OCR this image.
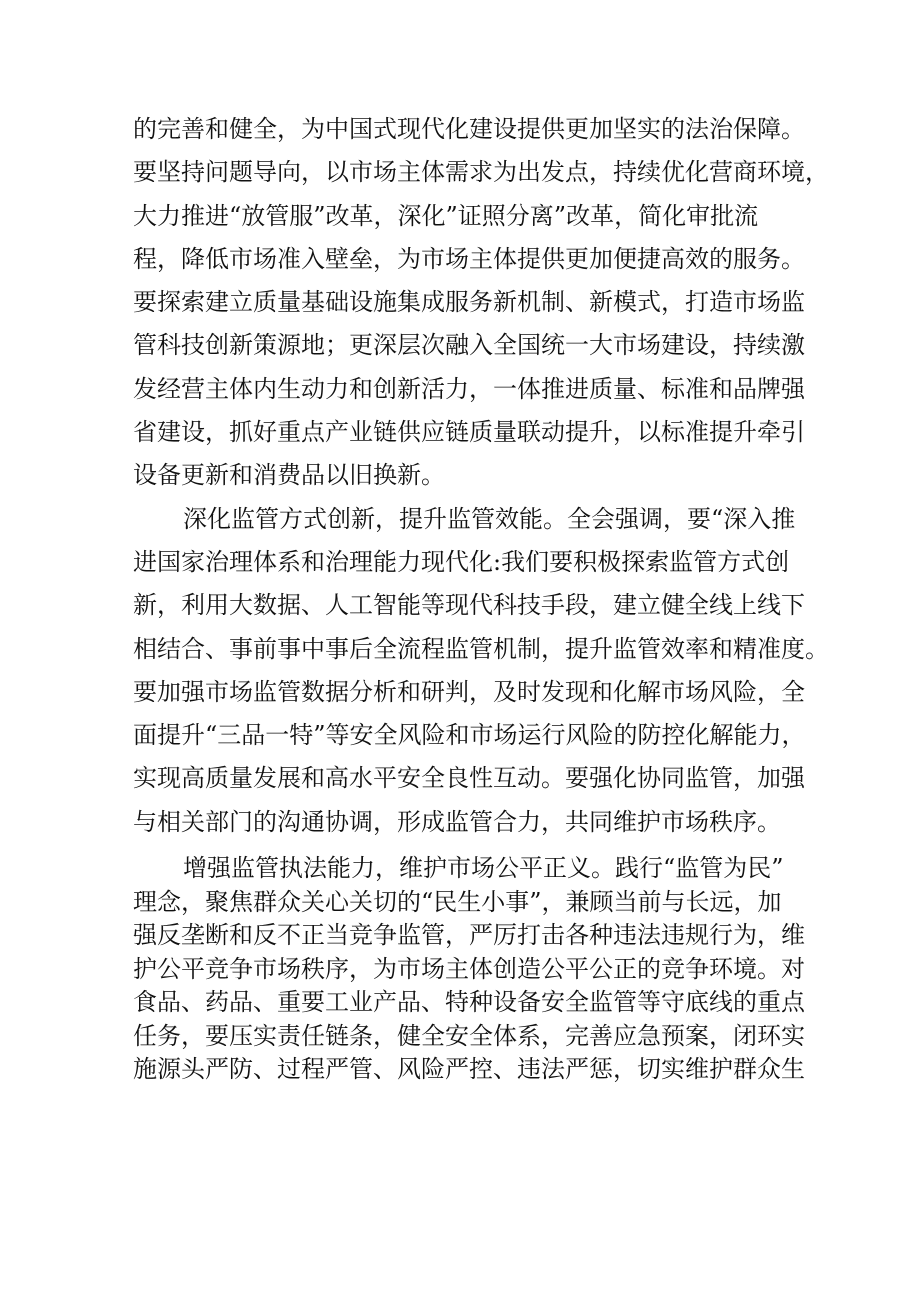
的完善和健全，为中国式现代化建设提供更加坚实的法治保障。
要坚持问题导向，以市场主体需求为出发点，持续优化营商环境，
大力推进“放管服”改革，深化”证照分离”改革，简化审批流
程，降低市场准入壁垒，为市场主体提供更加便捷高效的服务。
要探索建立质量基础设施集成服务新机制、新模式，打造市场监
管科技创新策源地；更深层次融入全国统一大市场建设，持续激
发经营主体内生动力和创新活力，一体推进质量、标准和品牌强
省建设，抓好重点产业链供应链质量联动提升，以标准提升牵引
设备更新和消费品以旧换新。
深化监管方式创新，提升监管效能。全会强调，要“深入推
进国家治理体系和治理能力现代化:我们要积极探索监管方式创
新，利用大数据、人工智能等现代科技手段，建立健全线上线下
相结合、事前事中事后全流程监管机制，提升监管效率和精准度。
要加强市场监管数据分析和研判，及时发现和化解市场风险，全
面提升“三品一特”等安全风险和市场运行风险的防控化解能力，
实现高质量发展和高水平安全良性互动。要强化协同监管，加强
与相关部门的沟通协调，形成监管合力，共同维护市场秩序。
增强监管执法能力，维护市场公平正义。践行“监管为民”
理念，聚焦群众关心关切的“民生小事”，兼顾当前与长远，加
强反垄断和反不正当竞争监管，严厉打击各种违法违规行为，维
护公平竞争市场秩序，为市场主体创造公平公正的竞争环境。对
食品、药品、重要工业产品、特种设备安全监管等守底线的重点
任务，要压实责任链条，健全安全体系，完善应急预案，闭环实
施源头严防、过程严管、风险严控、违法严惩，切实维护群众生
